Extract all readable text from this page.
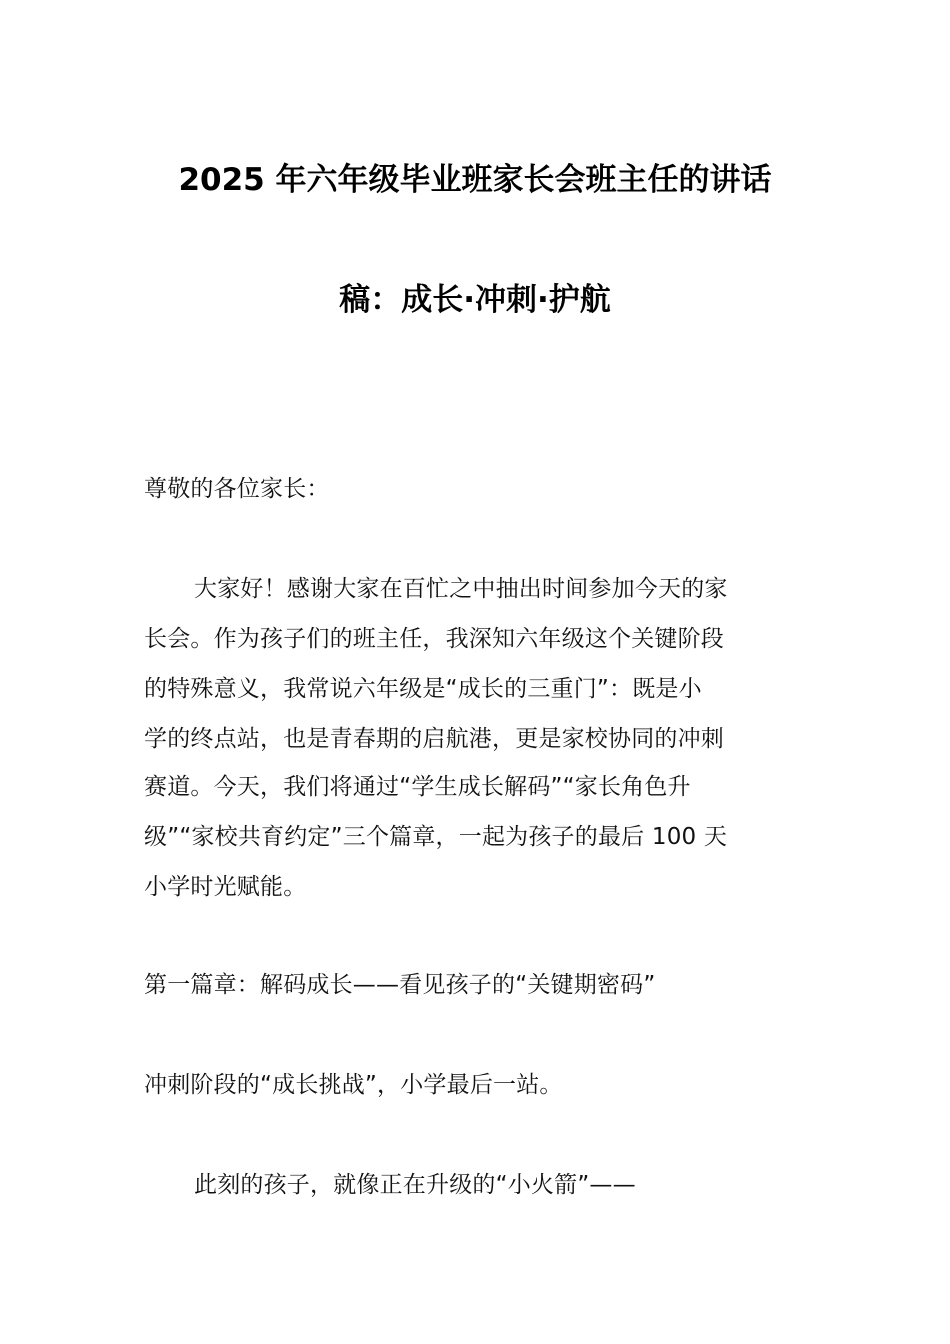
2025 年六年级毕业班家长会班主任的讲话
稿：成长·冲刺·护航
尊敬的各位家长：
大家好！感谢大家在百忙之中抽出时间参加今天的家
长会。作为孩子们的班主任，我深知六年级这个关键阶段
的特殊意义，我常说六年级是“成长的三重门”：既是小
学的终点站，也是青春期的启航港，更是家校协同的冲刺
赛道。今天，我们将通过“学生成长解码”“家长角色升
级”“家校共育约定”三个篇章，一起为孩子的最后 100 天
小学时光赋能。
第一篇章：解码成长——看见孩子的“关键期密码”
冲刺阶段的“成长挑战”，小学最后一站。
此刻的孩子，就像正在升级的“小火箭”——
